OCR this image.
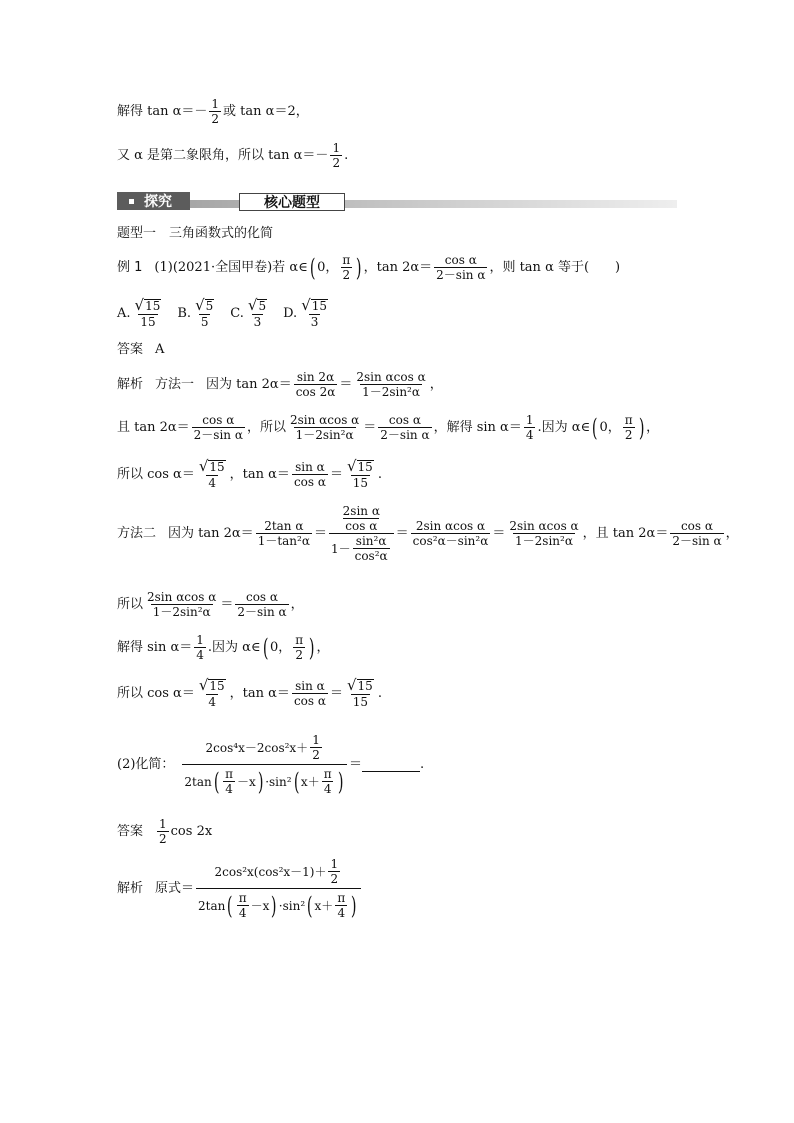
解得 $\tan \alpha=- \frac{1}{2}$ 或 tan α＝2，
又 α 是第二象限角，所以 $\tan \alpha=- \frac{1}{2}$ .
探究	核心题型
题型一　三角函数式的化简
例 1 (1)(2021·全国甲卷)若 α∈ ( 0， $\frac{\pi}{2}$ ) ，$\tan 2\alpha= \frac{\text{cos α}}{\text{2－sin α}}$ ，则 tan α 等于(　　)
A. $\frac{√ 15}{15} B$. $\frac{√ 5}{5} C$. $\frac{√ 5}{3} D$. $\frac{√ 15}{3}$
答案 A
解析 方法一 因为 $\tan 2\alpha= \frac{\sin 2\alpha}{\cos 2\alpha} = \frac{\text{2sin αcos α}}{\text{1－2sin²α}}$ ，
且 $\tan 2\alpha= \frac{\text{cos α}}{\text{2－sin α}}$ ，所以 $\frac{\text{2sin αcos α}}{\text{1－2sin²α}} = \frac{\text{cos α}}{\text{2－sin α}}$ ，解得 $\sin \alpha= \frac{1}{4}$ .因为 α∈ ( 0， $\frac{\pi}{2}$ ) ，
所以 $\cos \alpha= \frac{√ 15}{4}$ ，$\tan \alpha= \frac{\text{sin α}}{\text{cos α}} = \frac{√ 15}{15}$ .
方法二 因为 $\tan 2\alpha= \frac{\text{2tan α}}{\text{1－tan²α}} = \frac{\frac{\text{2sin α}}{\text{cos α}}}{1- \frac{\text{sin²α}}{\text{cos²α}}} = \frac{\text{2sin αcos α}}{\text{cos²α－sin²α}} = \frac{\text{2sin αcos α}}{\text{1－2sin²α}}$ ，且 $\tan 2\alpha= \frac{\text{cos α}}{\text{2－sin α}}$ ，
所以 $\frac{\text{2sin αcos α}}{\text{1－2sin²α}} = \frac{\text{cos α}}{\text{2－sin α}}$ ，
解得 $\sin \alpha= \frac{1}{4}$ .因为 α∈ ( 0， $\frac{\pi}{2}$ ) ，
所以 $\cos \alpha= \frac{√ 15}{4}$ ，$\tan \alpha= \frac{\text{sin α}}{\text{cos α}} = \frac{√ 15}{15}$ .
(2)化简：
$2\cos^4x-2\cos^2x+ \frac{1}{2}$
2tan ( $\frac{\pi}{4} -x$ ) ·sin² ( $x+ \frac{\pi}{4}$ )
＝	.
答案 $\frac{1}{2}$ cos 2x
解析 原式＝
$2\cos^2x(\cos^2x-1)+ \frac{1}{2}$
2tan ( $\frac{\pi}{4} -x$ ) ·sin² ( $x+ \frac{\pi}{4}$ )
